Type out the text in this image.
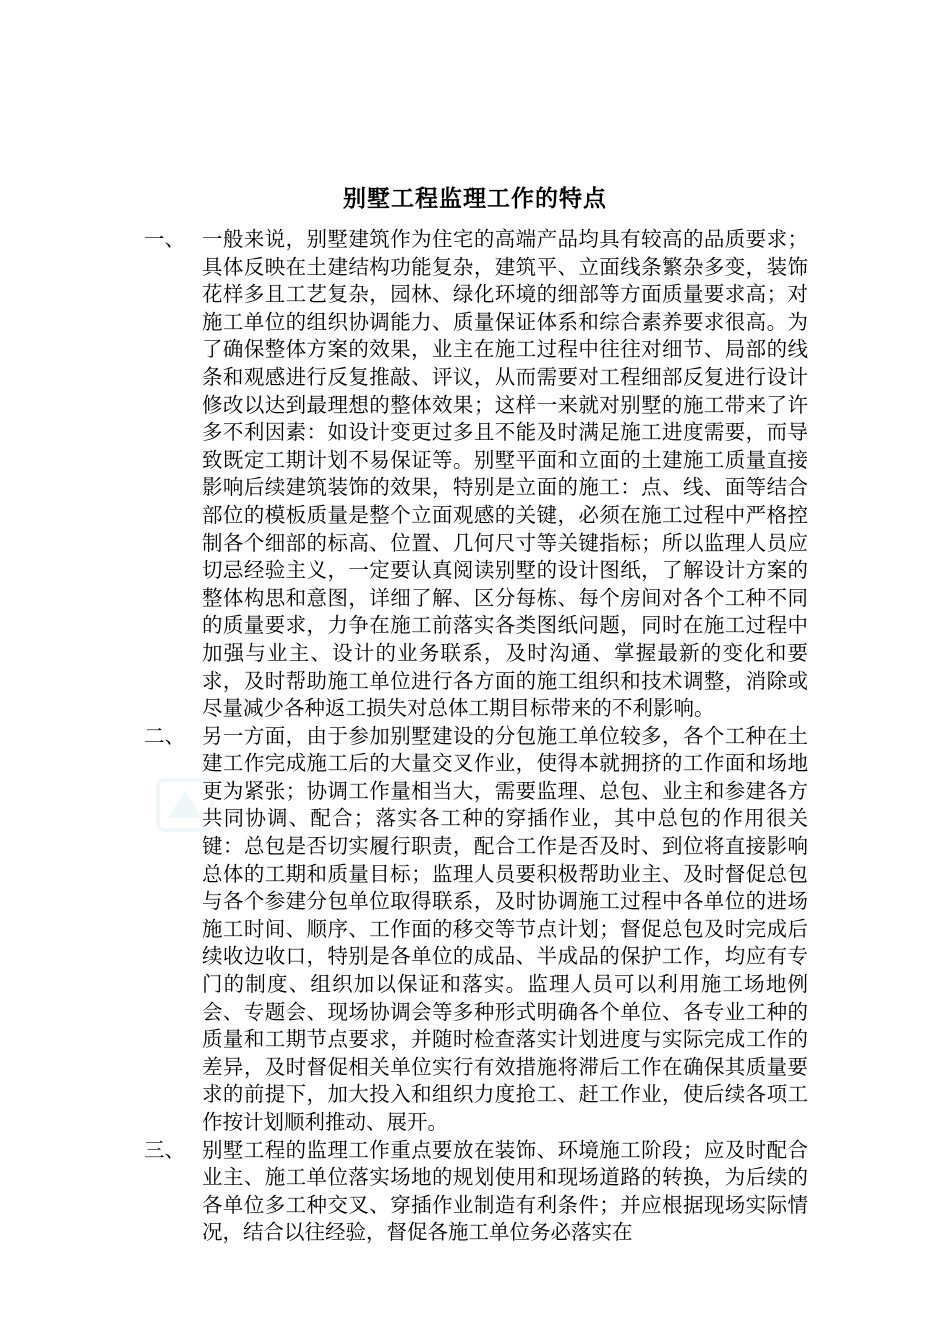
别墅工程监理工作的特点
一、 一般来说，别墅建筑作为住宅的高端产品均具有较高的品质要求；具体反映在土建结构功能复杂，建筑平、立面线条繁杂多变，装饰花样多且工艺复杂，园林、绿化环境的细部等方面质量要求高；对施工单位的组织协调能力、质量保证体系和综合素养要求很高。为了确保整体方案的效果，业主在施工过程中往往对细节、局部的线条和观感进行反复推敲、评议，从而需要对工程细部反复进行设计修改以达到最理想的整体效果；这样一来就对别墅的施工带来了许多不利因素：如设计变更过多且不能及时满足施工进度需要，而导致既定工期计划不易保证等。别墅平面和立面的土建施工质量直接影响后续建筑装饰的效果，特别是立面的施工：点、线、面等结合部位的模板质量是整个立面观感的关键，必须在施工过程中严格控制各个细部的标高、位置、几何尺寸等关键指标；所以监理人员应切忌经验主义，一定要认真阅读别墅的设计图纸，了解设计方案的整体构思和意图，详细了解、区分每栋、每个房间对各个工种不同的质量要求，力争在施工前落实各类图纸问题，同时在施工过程中加强与业主、设计的业务联系，及时沟通、掌握最新的变化和要求，及时帮助施工单位进行各方面的施工组织和技术调整，消除或尽量减少各种返工损失对总体工期目标带来的不利影响。
二、 另一方面，由于参加别墅建设的分包施工单位较多，各个工种在土建工作完成施工后的大量交叉作业，使得本就拥挤的工作面和场地更为紧张；协调工作量相当大，需要监理、总包、业主和参建各方共同协调、配合；落实各工种的穿插作业，其中总包的作用很关键：总包是否切实履行职责，配合工作是否及时、到位将直接影响总体的工期和质量目标；监理人员要积极帮助业主、及时督促总包与各个参建分包单位取得联系，及时协调施工过程中各单位的进场施工时间、顺序、工作面的移交等节点计划；督促总包及时完成后续收边收口，特别是各单位的成品、半成品的保护工作，均应有专门的制度、组织加以保证和落实。监理人员可以利用施工场地例会、专题会、现场协调会等多种形式明确各个单位、各专业工种的质量和工期节点要求，并随时检查落实计划进度与实际完成工作的差异，及时督促相关单位实行有效措施将滞后工作在确保其质量要求的前提下，加大投入和组织力度抢工、赶工作业，使后续各项工作按计划顺利推动、展开。
三、 别墅工程的监理工作重点要放在装饰、环境施工阶段；应及时配合业主、施工单位落实场地的规划使用和现场道路的转换，为后续的各单位多工种交叉、穿插作业制造有利条件；并应根据现场实际情况，结合以往经验，督促各施工单位务必落实在
